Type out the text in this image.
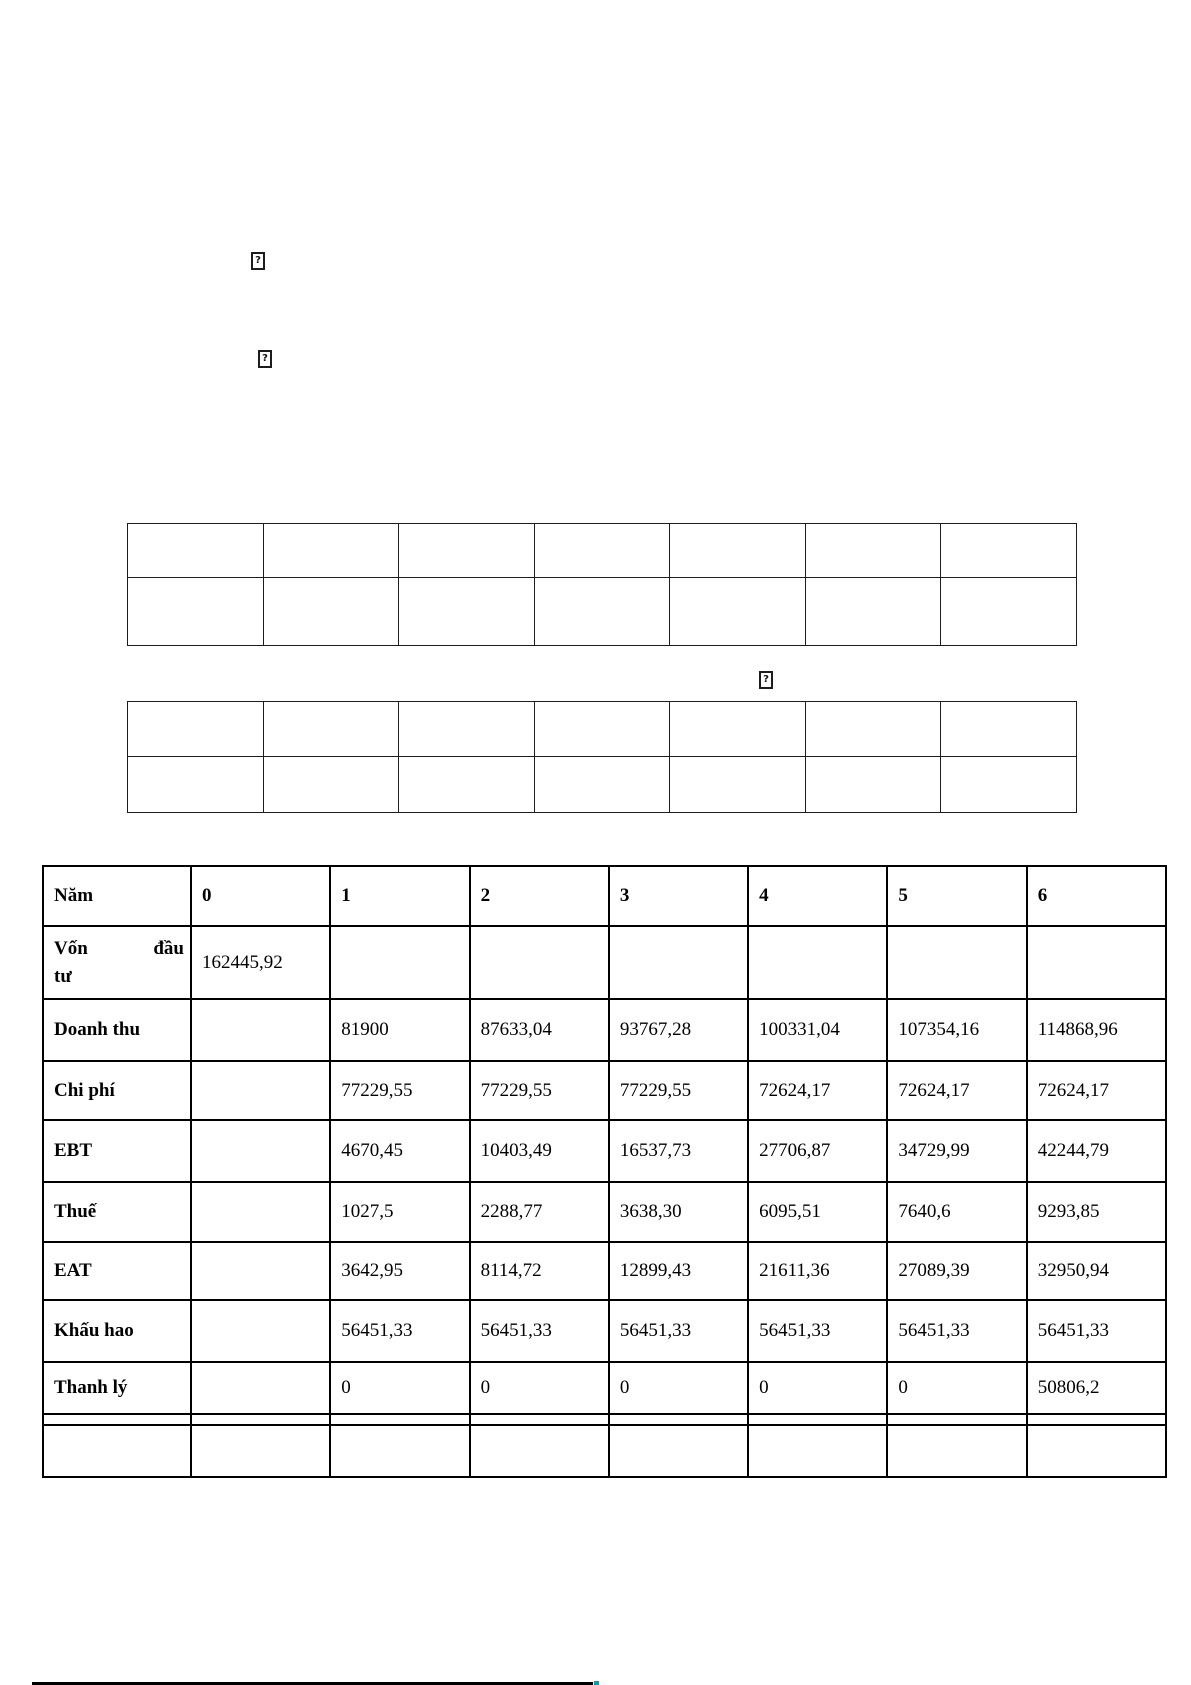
?
?

?

Năm	0	1	2	3	4	5	6
Vốn đầu tư	162445,92						
Doanh thu		81900	87633,04	93767,28	100331,04	107354,16	114868,96
Chi phí		77229,55	77229,55	77229,55	72624,17	72624,17	72624,17
EBT		4670,45	10403,49	16537,73	27706,87	34729,99	42244,79
Thuế		1027,5	2288,77	3638,30	6095,51	7640,6	9293,85
EAT		3642,95	8114,72	12899,43	21611,36	27089,39	32950,94
Khấu hao		56451,33	56451,33	56451,33	56451,33	56451,33	56451,33
Thanh lý		0	0	0	0	0	50806,2
